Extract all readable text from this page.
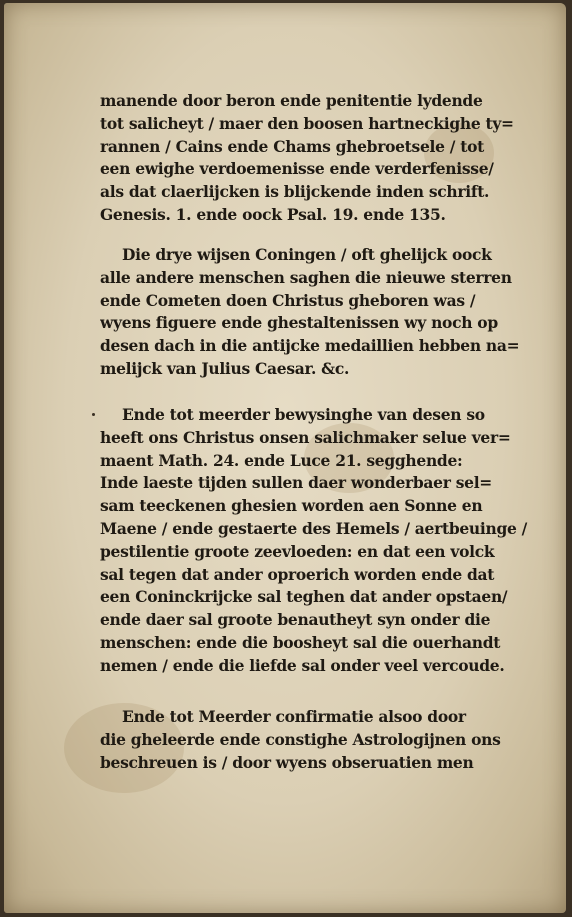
manende door beron ende penitentie lydende
tot salicheyt / maer den boosen hartneckighe ty=
rannen / Cains ende Chams ghebroetsele / tot
een ewighe verdoemenisse ende verderfenisse/
als dat claerlijcken is blijckende inden schrift.
Genesis. 1. ende oock Psal. 19. ende 135.
Die drye wijsen Coningen / oft ghelijck oock
alle andere menschen saghen die nieuwe sterren
ende Cometen doen Christus gheboren was /
wyens figuere ende ghestaltenissen wy noch op
desen dach in die antijcke medaillien hebben na=
melijck van Julius Caesar. &c.
Ende tot meerder bewysinghe van desen so
heeft ons Christus onsen salichmaker selue ver=
maent Math. 24. ende Luce 21. segghende:
Inde laeste tijden sullen daer wonderbaer sel=
sam teeckenen ghesien worden aen Sonne en
Maene / ende gestaerte des Hemels / aertbeuinge /
pestilentie groote zeevloeden: en dat een volck
sal tegen dat ander oproerich worden ende dat
een Coninckrijcke sal teghen dat ander opstaen/
ende daer sal groote benautheyt syn onder die
menschen: ende die boosheyt sal die ouerhandt
nemen / ende die liefde sal onder veel vercoude.
Ende tot Meerder confirmatie alsoo door
die gheleerde ende constighe Astrologijnen ons
beschreuen is / door wyens obseruatien men
